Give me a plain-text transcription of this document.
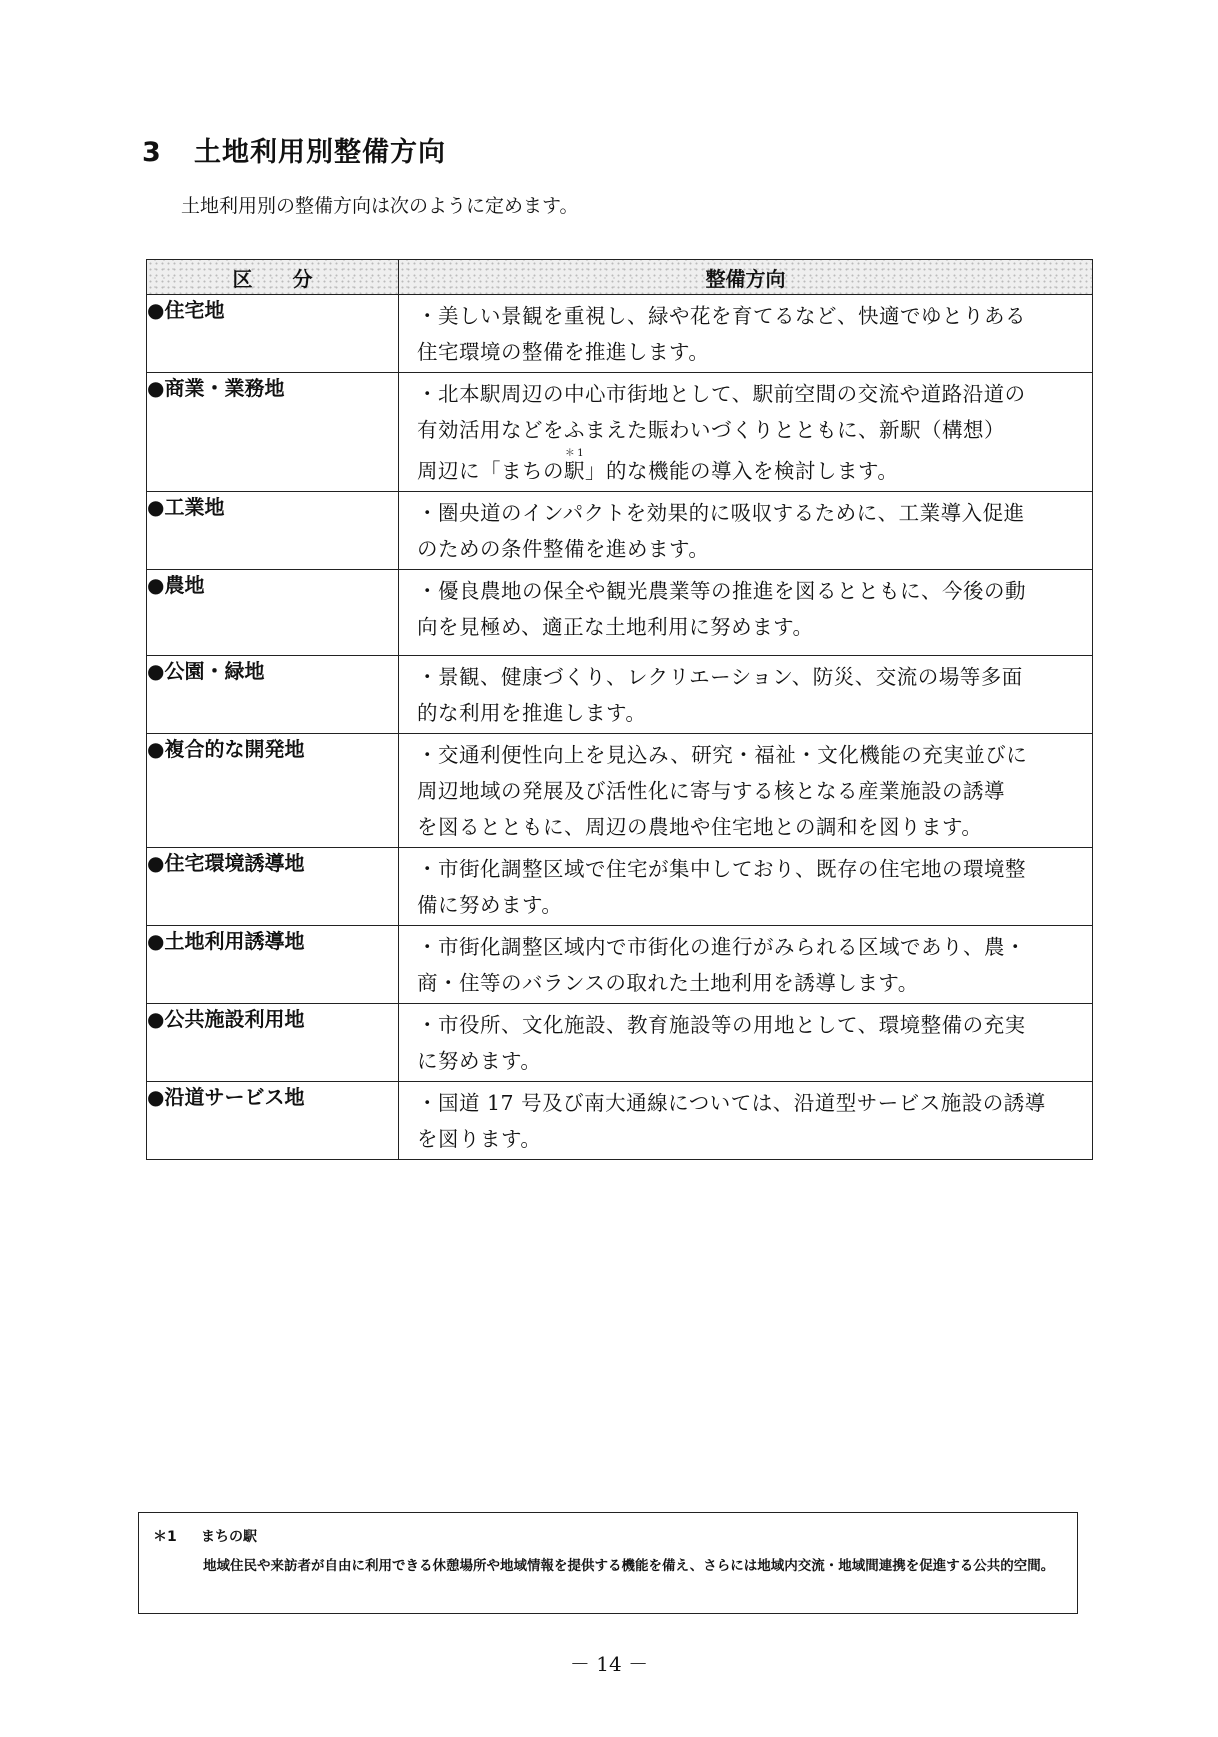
3 土地利用別整備方向

土地利用別の整備方向は次のように定めます。

区　　分	整備方向
●住宅地	・美しい景観を重視し、緑や花を育てるなど、快適でゆとりある
住宅環境の整備を推進します。

●商業・業務地	・北本駅周辺の中心市街地として、駅前空間の交流や道路沿道の
有効活用などをふまえた賑わいづくりとともに、新駅（構想）
周辺に「まちの駅＊1」的な機能の導入を検討します。

●工業地	・圏央道のインパクトを効果的に吸収するために、工業導入促進
のための条件整備を進めます。

●農地	・優良農地の保全や観光農業等の推進を図るとともに、今後の動
向を見極め、適正な土地利用に努めます。

●公園・緑地	・景観、健康づくり、レクリエーション、防災、交流の場等多面
的な利用を推進します。

●複合的な開発地	・交通利便性向上を見込み、研究・福祉・文化機能の充実並びに
周辺地域の発展及び活性化に寄与する核となる産業施設の誘導
を図るとともに、周辺の農地や住宅地との調和を図ります。

●住宅環境誘導地	・市街化調整区域で住宅が集中しており、既存の住宅地の環境整
備に努めます。

●土地利用誘導地	・市街化調整区域内で市街化の進行がみられる区域であり、農・
商・住等のバランスの取れた土地利用を誘導します。

●公共施設利用地	・市役所、文化施設、教育施設等の用地として、環境整備の充実
に努めます。

●沿道サービス地	・国道 17 号及び南大通線については、沿道型サービス施設の誘導
を図ります。
＊1 まちの駅
地域住民や来訪者が自由に利用できる休憩場所や地域情報を提供する機能を備え、さらには地域内交流・地域間連携を促進する公共的空間。
－ 14 －
